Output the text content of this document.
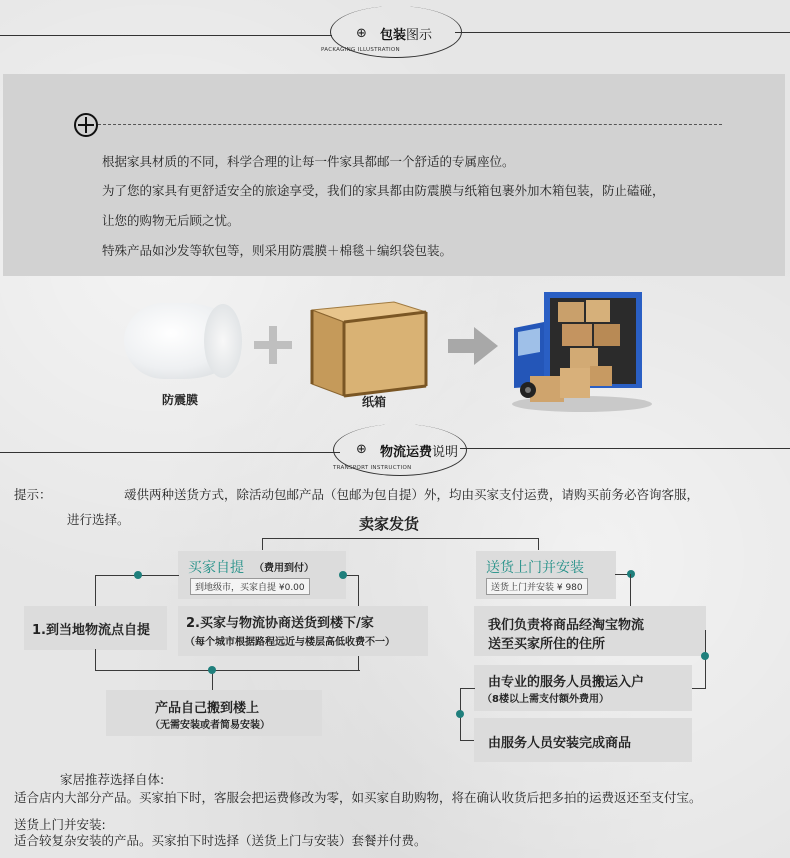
⊕ 包装图示
PACKAGING ILLUSTRATION
根据家具材质的不同，科学合理的让每一件家具都邮一个舒适的专属座位。
为了您的家具有更舒适安全的旅途享受，我们的家具都由防震膜与纸箱包裹外加木箱包装，防止磕碰，
让您的购物无后顾之忧。
特殊产品如沙发等软包等，则采用防震膜＋棉毯＋编织袋包装。
防震膜	纸箱
⊕ 物流运费说明
TRANSPORT INSTRUCTION
提示：	叆供两种送货方式，除活动包邮产品（包邮为包自提）外，均由买家支付运费，请购买前务必咨询客服，
进行选择。	卖家发货
买家自提 （费用到付）
到地级市，买家自提 ¥0.00
1.到当地物流点自提	2.买家与物流协商送货到楼下/家
（每个城市根据路程远近与楼层高低收费不一）
产品自己搬到楼上
（无需安装或者简易安装）
送货上门并安装
送货上门并安装 ¥ 980
我们负责将商品经淘宝物流
送至买家所住的住所
由专业的服务人员搬运入户
（8楼以上需支付额外费用）
由服务人员安装完成商品
家居推荐选择自体:
适合店内大部分产品。买家拍下时，客服会把运费修改为零，如买家自助购物，将在确认收货后把多拍的运费返还至支付宝。
送货上门并安装:
适合较复杂安装的产品。买家拍下时选择（送货上门与安装）套餐并付费。
